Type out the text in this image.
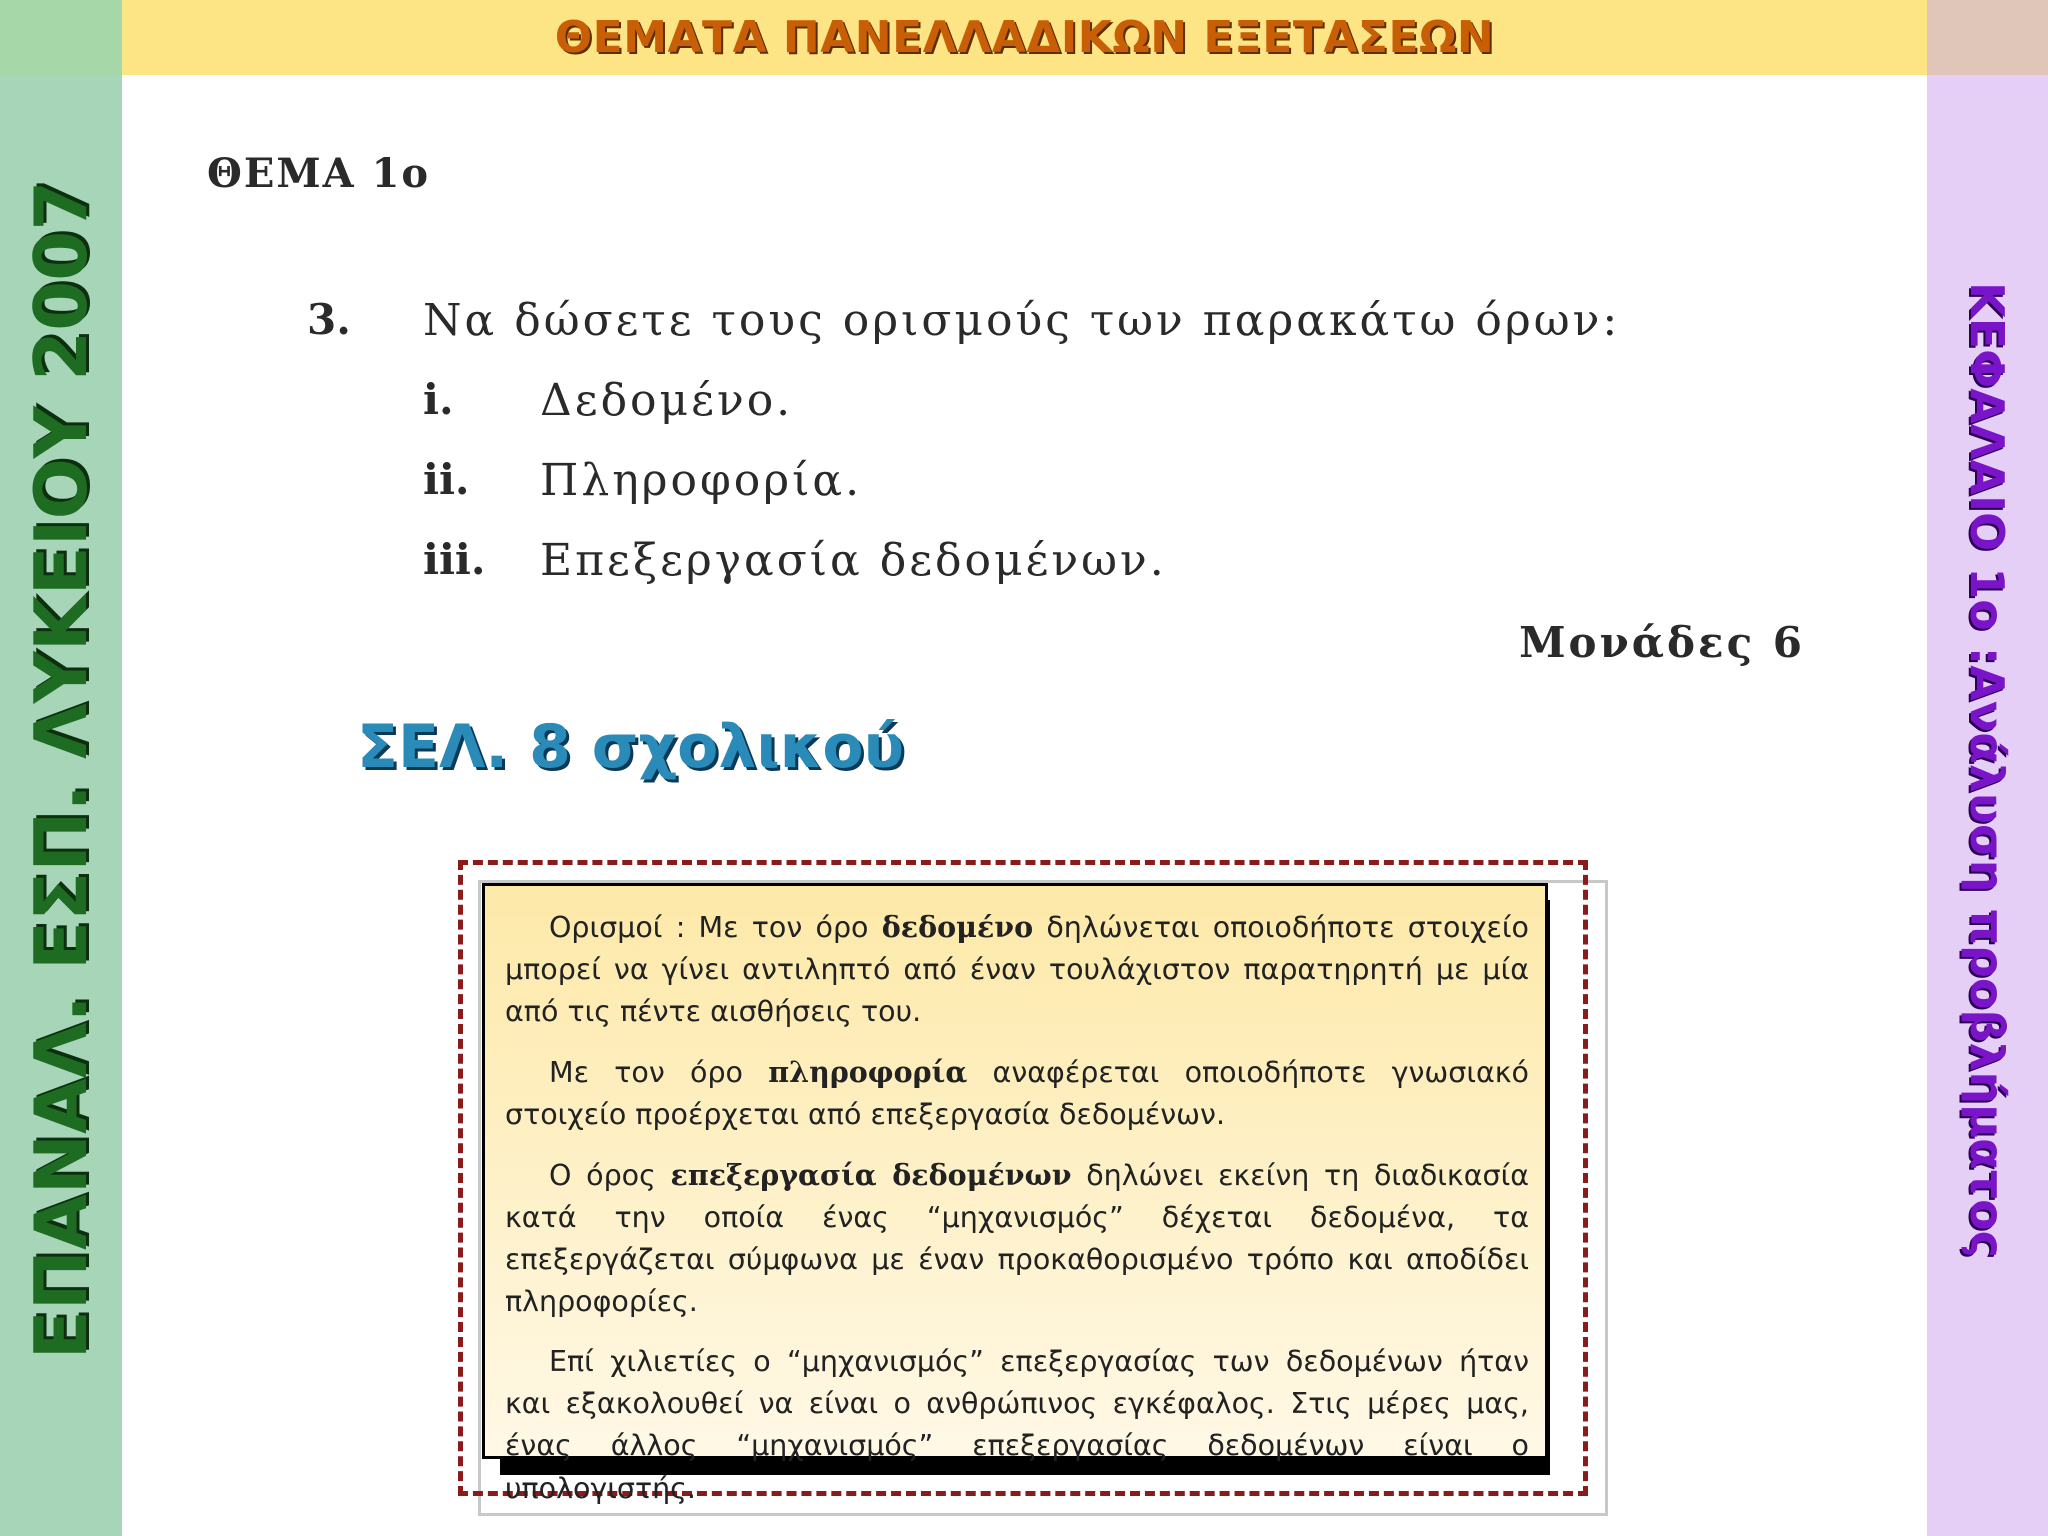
ΘΕΜΑΤΑ ΠΑΝΕΛΛΑΔΙΚΩΝ ΕΞΕΤΑΣΕΩΝ
ΕΠΑΝΑΛ. ΕΣΠ. ΛΥΚΕΙΟΥ 2007	ΚΕΦΑΛΑΙΟ 1ο :Ανάλυση προβλήματος
ΘΕΜΑ 1ο
3. Να δώσετε τους ορισμούς των παρακάτω όρων:
i. Δεδομένο.
ii. Πληροφορία.
iii. Επεξεργασία δεδομένων.
Μονάδες 6
ΣΕΛ. 8 σχολικού

Ορισμοί : Με τον όρο δεδομένο δηλώνεται οποιοδήποτε στοιχείο μπορεί να γίνει αντιληπτό από έναν τουλάχιστον παρατηρητή με μία από τις πέντε αισθήσεις του.

Με τον όρο πληροφορία αναφέρεται οποιοδήποτε γνωσιακό στοιχείο προέρχεται από επεξεργασία δεδομένων.

Ο όρος επεξεργασία δεδομένων δηλώνει εκείνη τη διαδικασία κατά την οποία ένας “μηχανισμός” δέχεται δεδομένα, τα επεξεργάζεται σύμφωνα με έναν προκαθορισμένο τρόπο και αποδίδει πληροφορίες.

Επί χιλιετίες ο “μηχανισμός” επεξεργασίας των δεδομένων ήταν και εξακολουθεί να είναι ο ανθρώπινος εγκέφαλος. Στις μέρες μας, ένας άλλος “μηχανισμός” επεξεργασίας δεδομένων είναι ο υπολογιστής.
